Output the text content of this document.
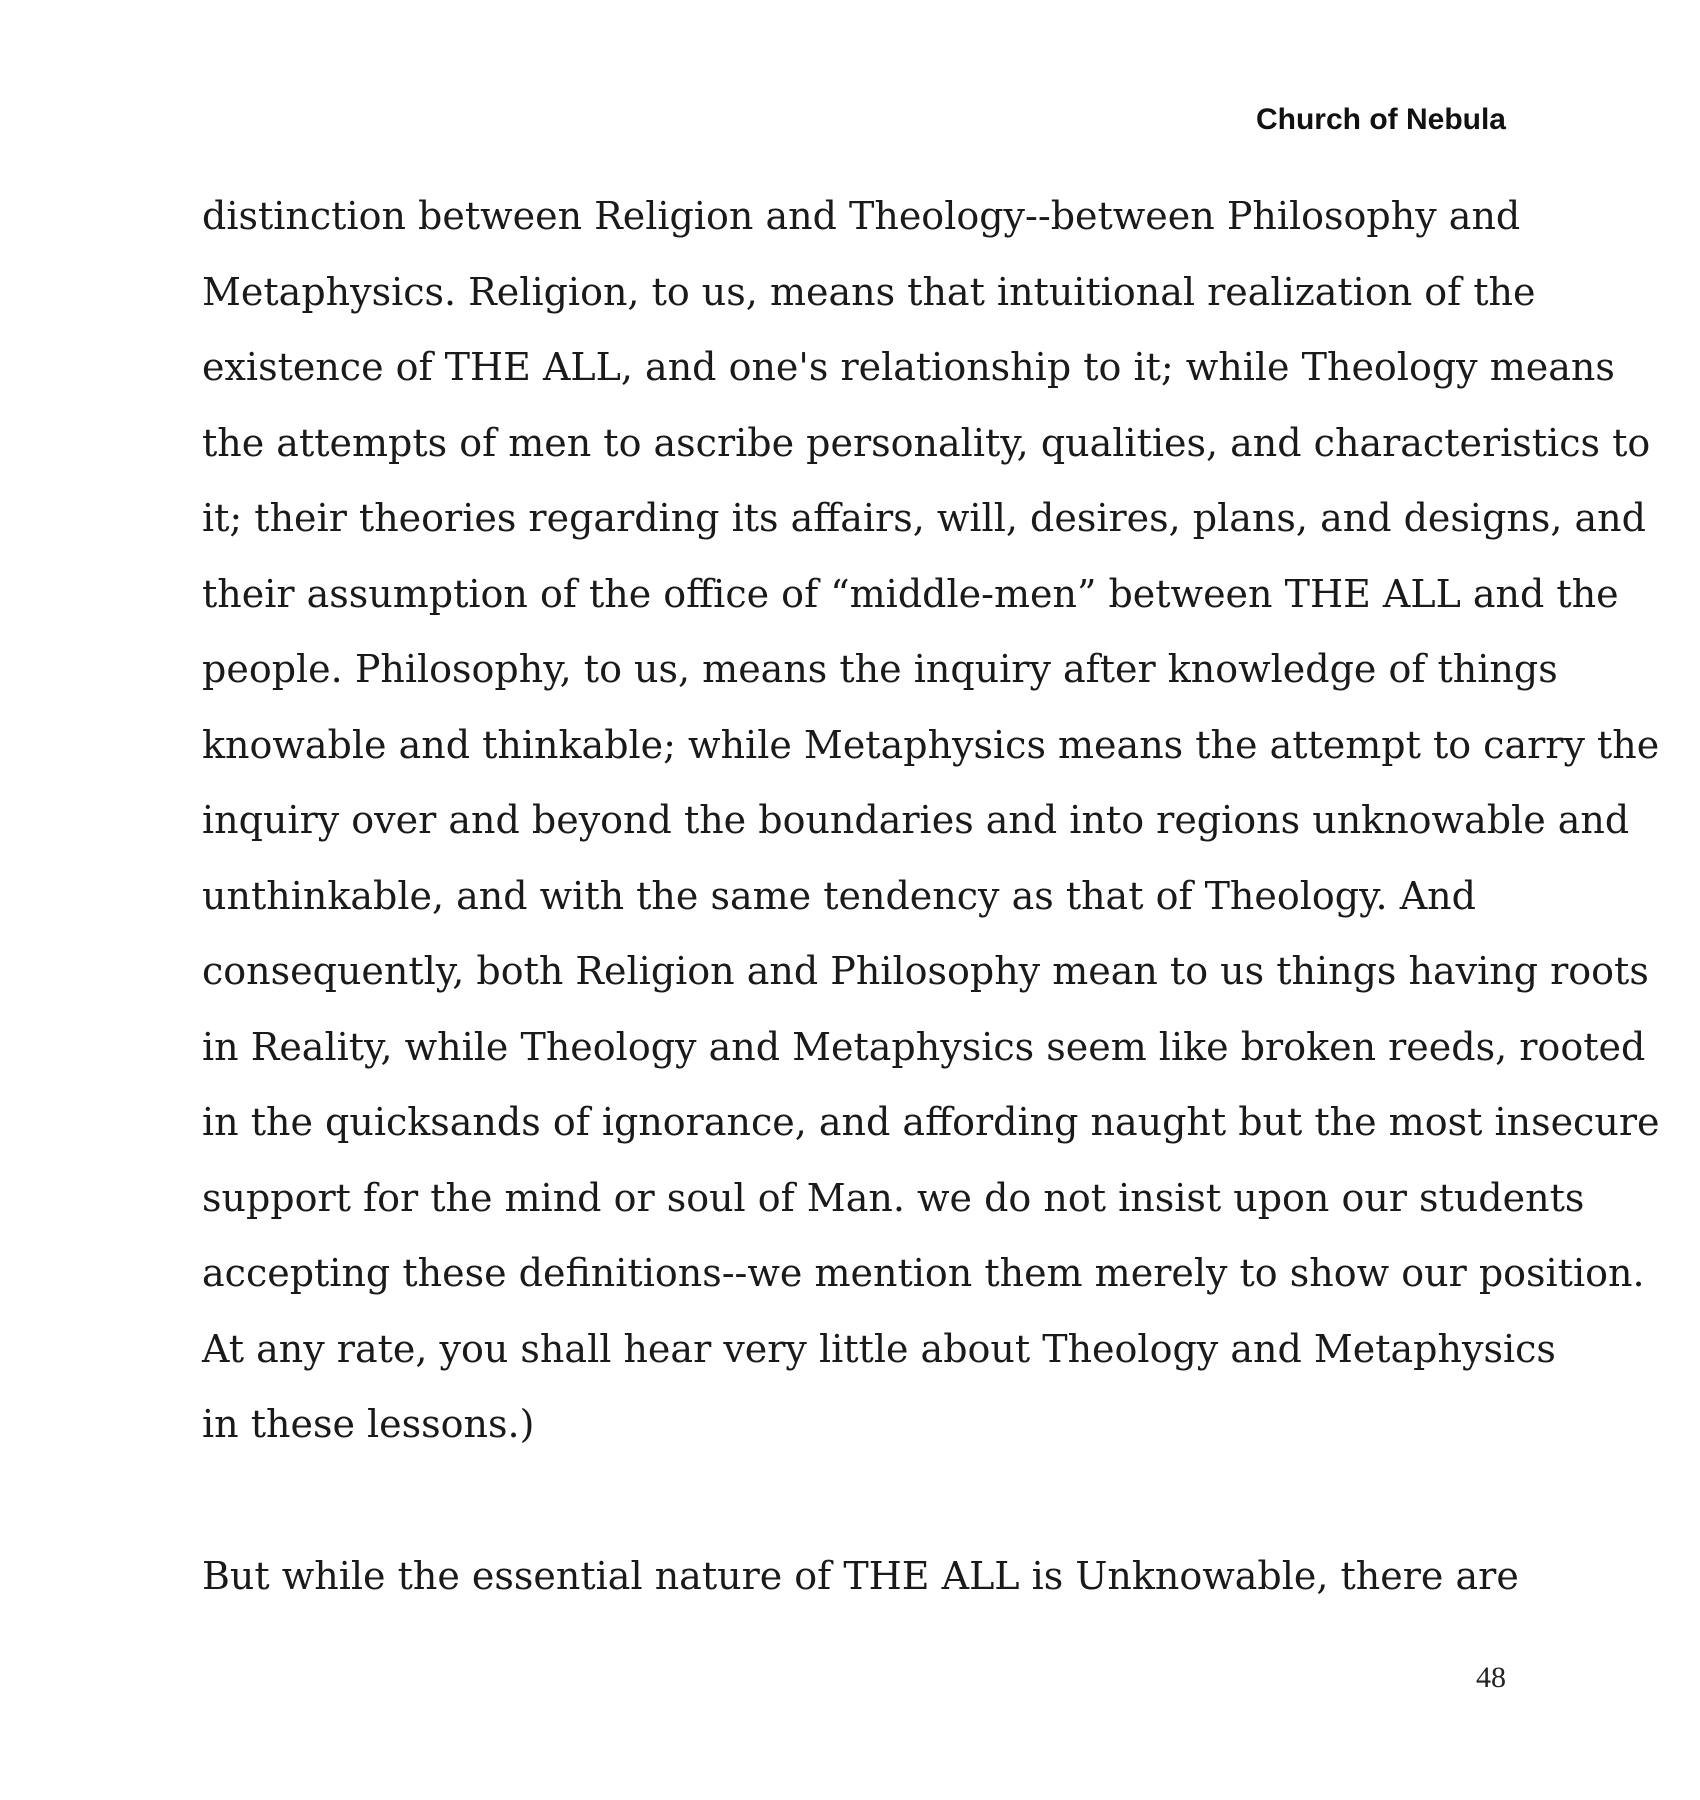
Church of Nebula
distinction between Religion and Theology--between Philosophy and
Metaphysics. Religion, to us, means that intuitional realization of the
existence of THE ALL, and one's relationship to it; while Theology means
the attempts of men to ascribe personality, qualities, and characteristics to
it; their theories regarding its affairs, will, desires, plans, and designs, and
their assumption of the office of “middle-men” between THE ALL and the
people. Philosophy, to us, means the inquiry after knowledge of things
knowable and thinkable; while Metaphysics means the attempt to carry the
inquiry over and beyond the boundaries and into regions unknowable and
unthinkable, and with the same tendency as that of Theology. And
consequently, both Religion and Philosophy mean to us things having roots
in Reality, while Theology and Metaphysics seem like broken reeds, rooted
in the quicksands of ignorance, and affording naught but the most insecure
support for the mind or soul of Man. we do not insist upon our students
accepting these definitions--we mention them merely to show our position.
At any rate, you shall hear very little about Theology and Metaphysics
in these lessons.)
But while the essential nature of THE ALL is Unknowable, there are
48
